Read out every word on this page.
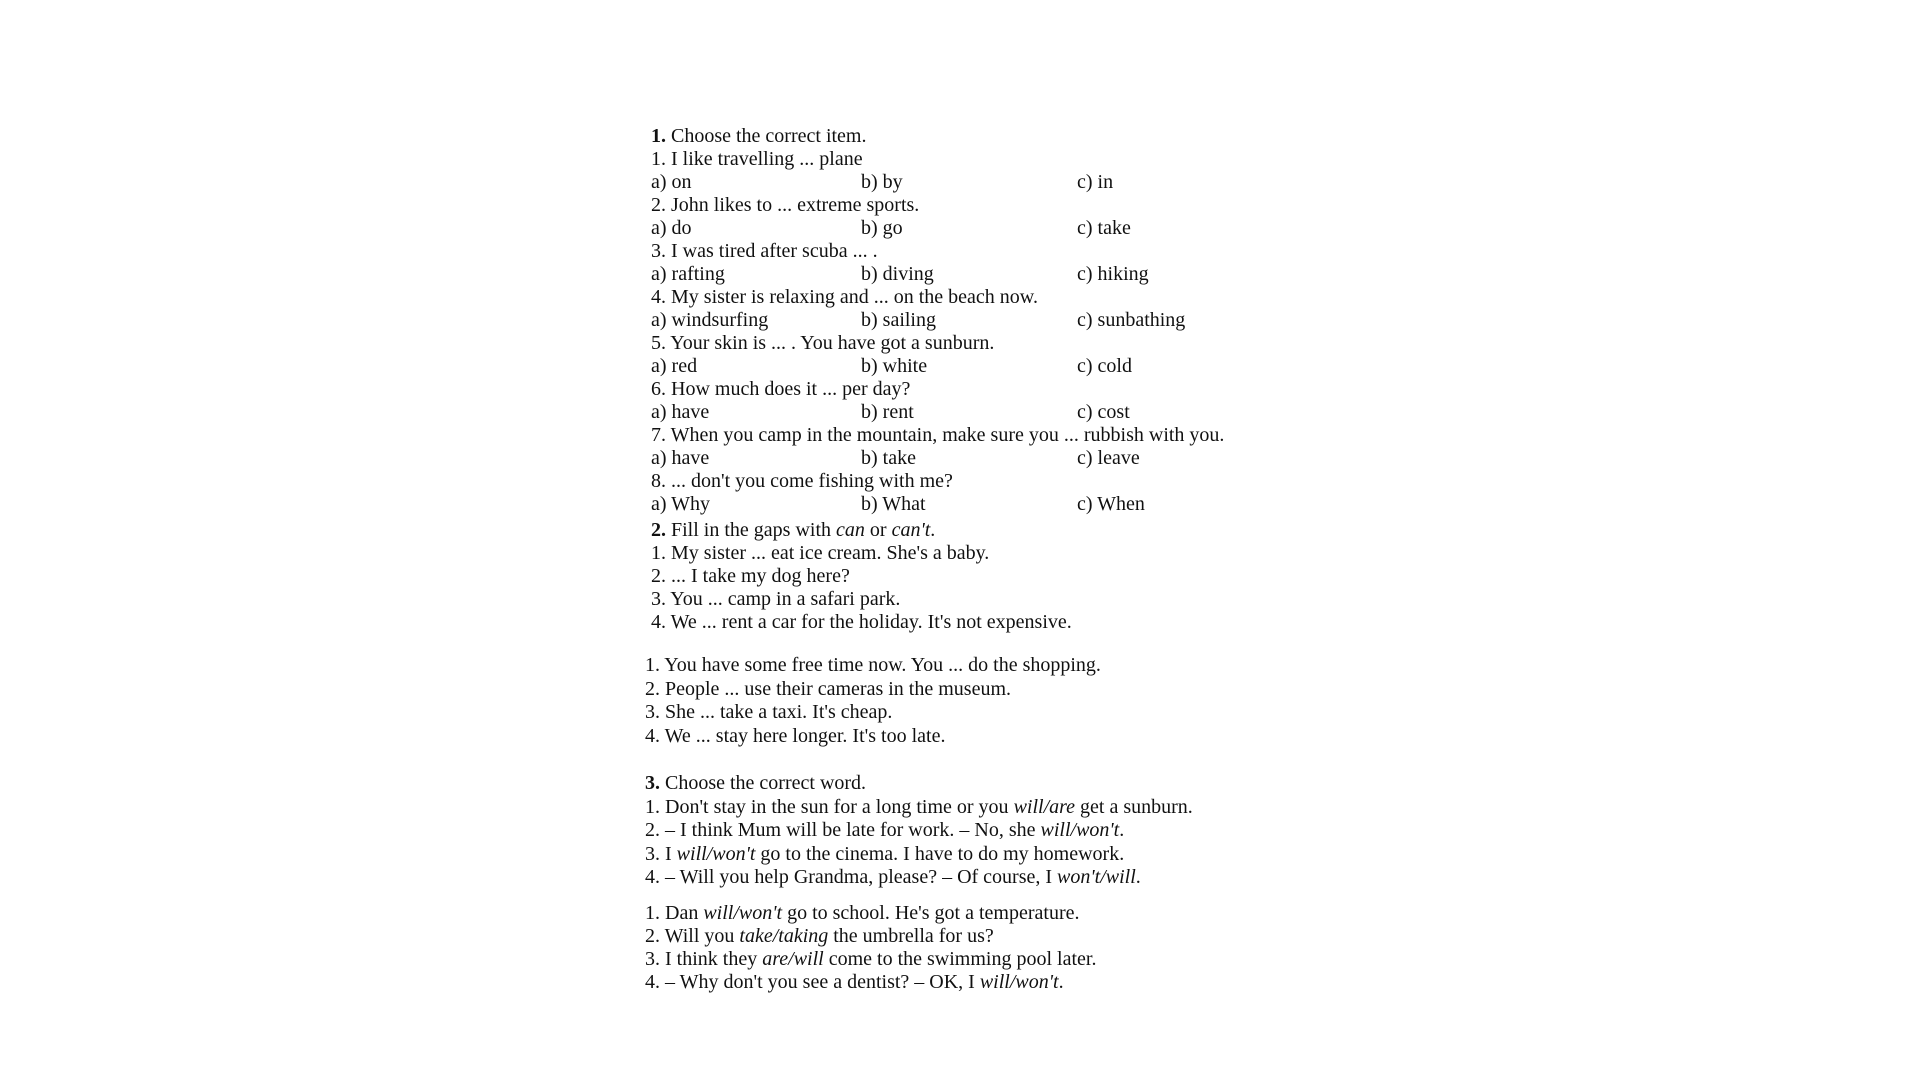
1. Choose the correct item.
1. I like travelling ... plane
a) on	b) by	c) in
2. John likes to ... extreme sports.
a) do	b) go	c) take
3. I was tired after scuba ... .
a) rafting	b) diving	c) hiking
4. My sister is relaxing and ... on the beach now.
a) windsurfing	b) sailing	c) sunbathing
5. Your skin is ... . You have got a sunburn.
a) red	b) white	c) cold
6. How much does it ... per day?
a) have	b) rent	c) cost
7. When you camp in the mountain, make sure you ... rubbish with you.
a) have	b) take	c) leave
8. ... don't you come fishing with me?
a) Why	b) What	c) When
2. Fill in the gaps with can or can't.
1. My sister ... eat ice cream. She's a baby.
2. ... I take my dog here?
3. You ... camp in a safari park.
4. We ... rent a car for the holiday. It's not expensive.
1. You have some free time now. You ... do the shopping.
2. People ... use their cameras in the museum.
3. She ... take a taxi. It's cheap.
4. We ... stay here longer. It's too late.
3. Choose the correct word.
1. Don't stay in the sun for a long time or you will/are get a sunburn.
2. – I think Mum will be late for work. – No, she will/won't.
3. I will/won't go to the cinema. I have to do my homework.
4. – Will you help Grandma, please? – Of course, I won't/will.
1. Dan will/won't go to school. He's got a temperature.
2. Will you take/taking the umbrella for us?
3. I think they are/will come to the swimming pool later.
4. – Why don't you see a dentist? – OK, I will/won't.
